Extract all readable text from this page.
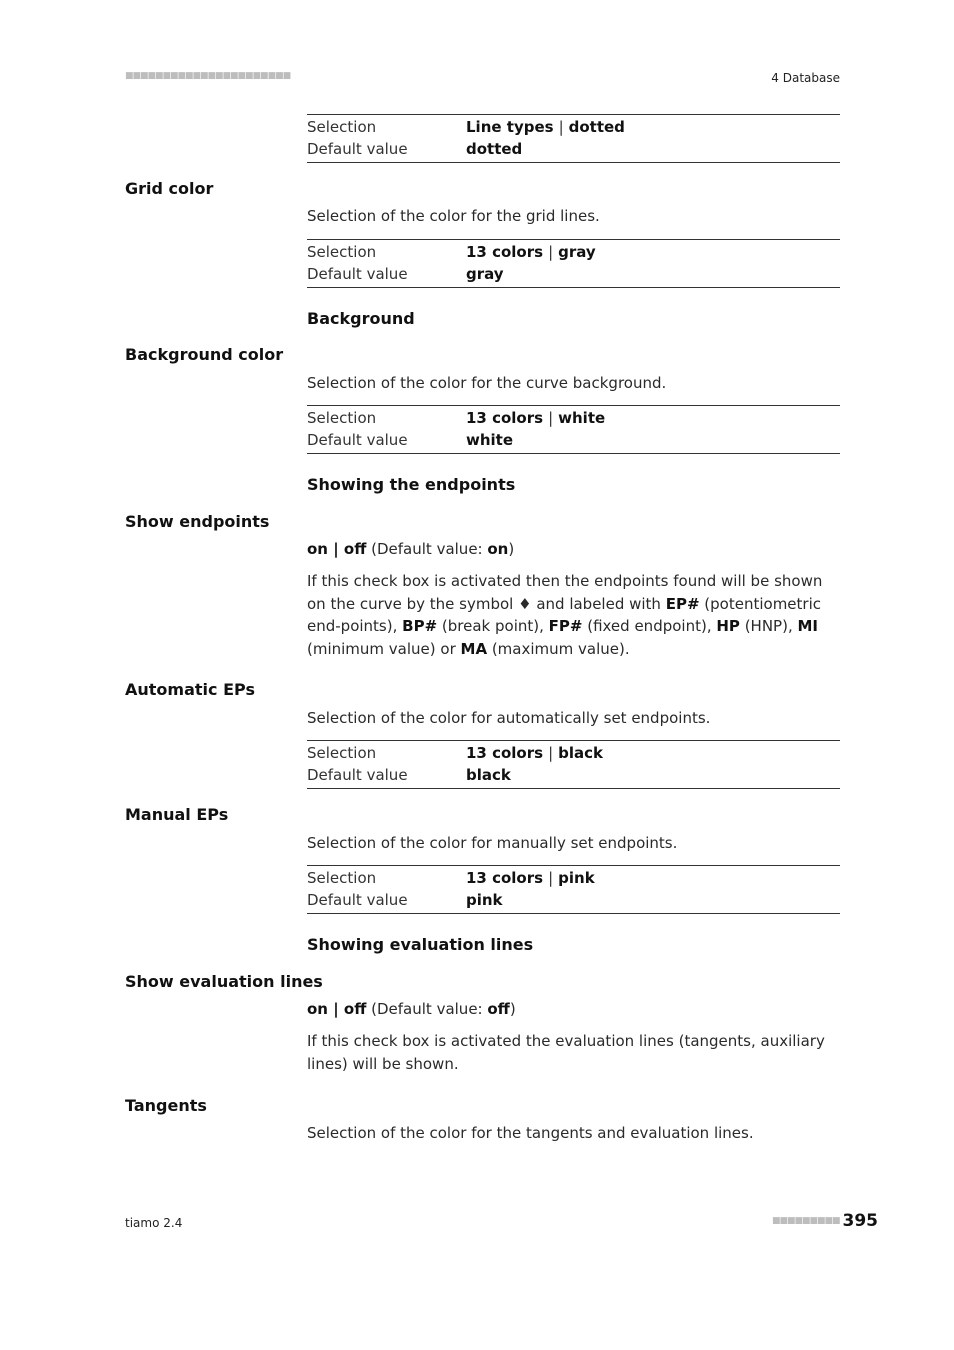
■■■■■■■■■■■■■■■■■■■■■■	4 Database
Selection	Line types | dotted
Default value	dotted
Grid color

Selection of the color for the grid lines.

Selection	13 colors | gray
Default value	gray
Background
Background color

Selection of the color for the curve background.

Selection	13 colors | white
Default value	white
Showing the endpoints
Show endpoints

on | off (Default value: on)

If this check box is activated then the endpoints found will be shown on the curve by the symbol ♦ and labeled with EP# (potentiometric end-points), BP# (break point), FP# (fixed endpoint), HP (HNP), MI (minimum value) or MA (maximum value).

Automatic EPs

Selection of the color for automatically set endpoints.

Selection	13 colors | black
Default value	black
Manual EPs

Selection of the color for manually set endpoints.

Selection	13 colors | pink
Default value	pink
Showing evaluation lines
Show evaluation lines

on | off (Default value: off)

If this check box is activated the evaluation lines (tangents, auxiliary lines) will be shown.

Tangents

Selection of the color for the tangents and evaluation lines.

tiamo 2.4	■■■■■■■■■ 395
